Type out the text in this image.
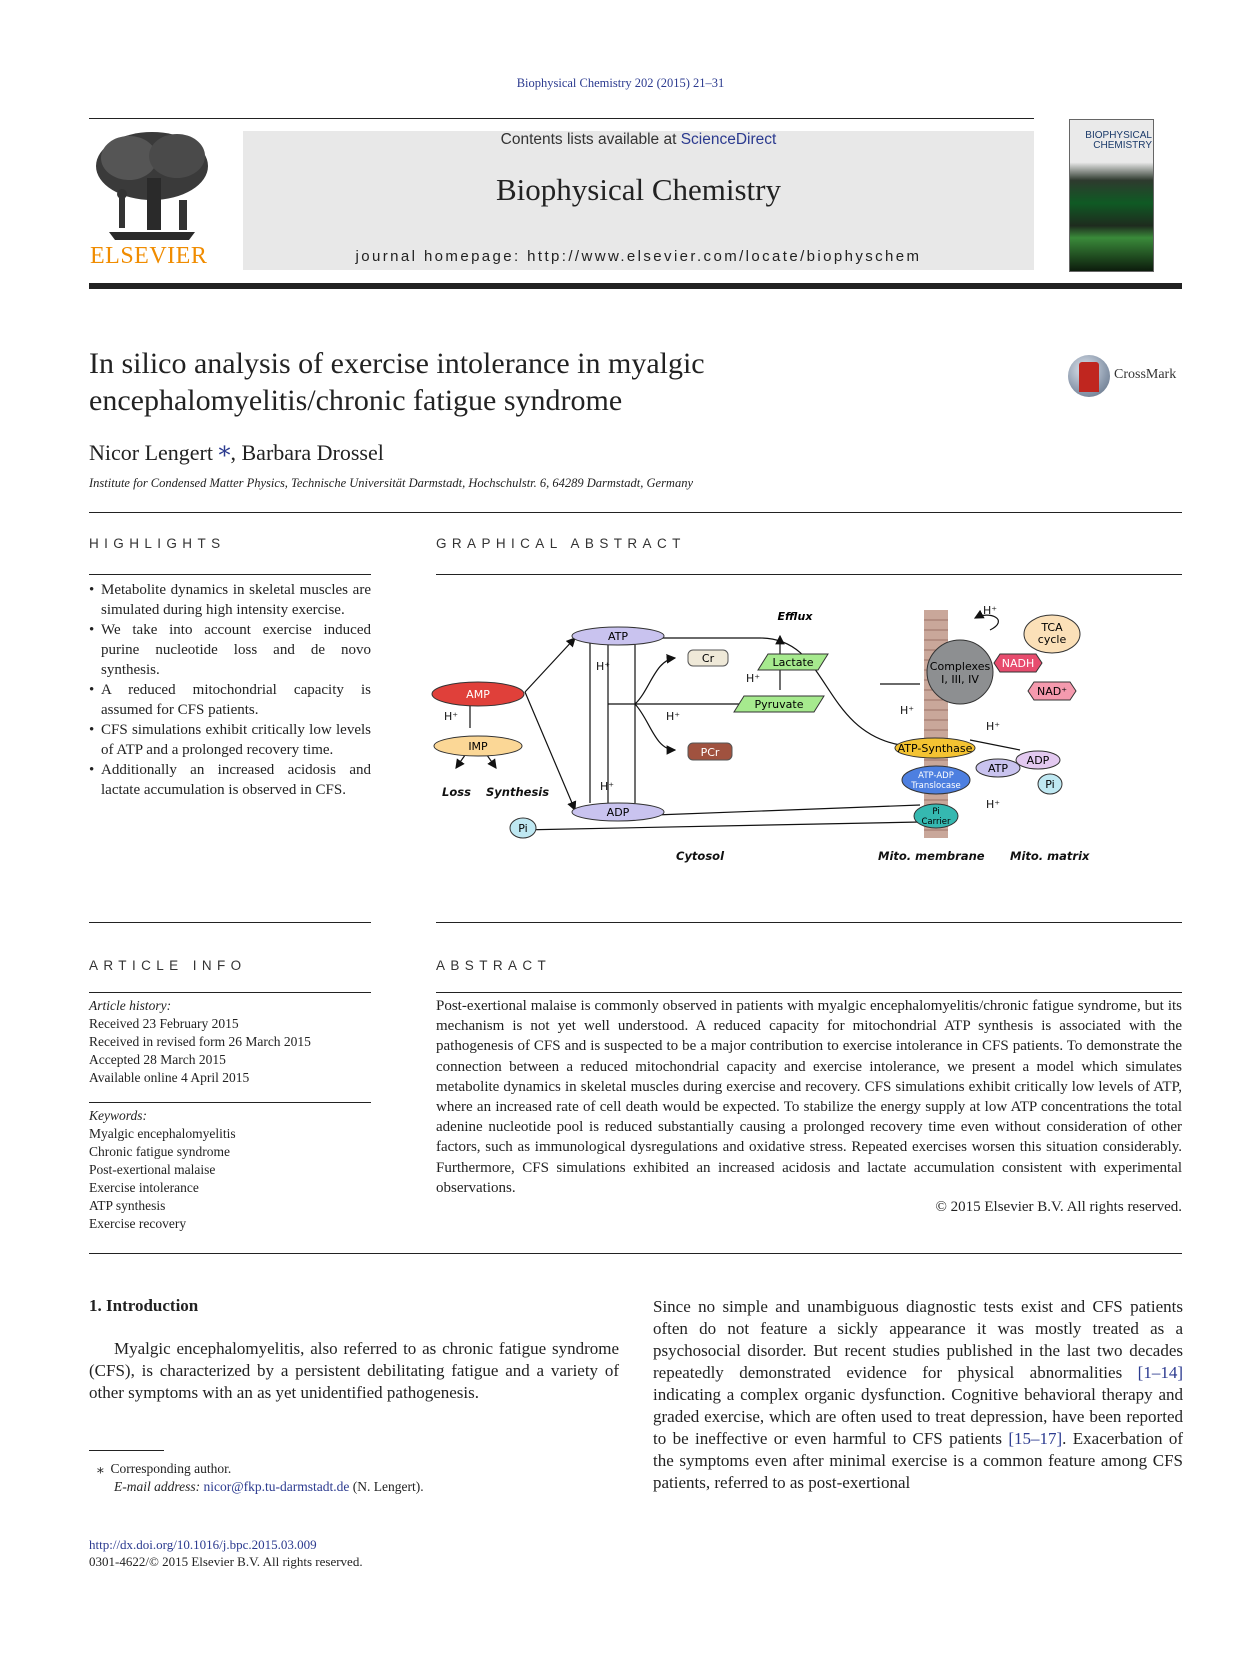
Biophysical Chemistry 202 (2015) 21–31
ELSEVIER
Contents lists available at ScienceDirect
Biophysical Chemistry
journal homepage: http://www.elsevier.com/locate/biophyschem
BIOPHYSICAL
CHEMISTRY
In silico analysis of exercise intolerance in myalgic
encephalomyelitis/chronic fatigue syndrome
CrossMark
Nicor Lengert ⁎, Barbara Drossel
Institute for Condensed Matter Physics, Technische Universität Darmstadt, Hochschulstr. 6, 64289 Darmstadt, Germany
HIGHLIGHTS
• Metabolite dynamics in skeletal muscles are simulated during high intensity exercise.
• We take into account exercise induced purine nucleotide loss and de novo synthesis.
• A reduced mitochondrial capacity is assumed for CFS patients.
• CFS simulations exhibit critically low levels of ATP and a prolonged recovery time.
• Additionally an increased acidosis and lactate accumulation is observed in CFS.
GRAPHICAL ABSTRACT
H⁺
H⁺
H⁺
H⁺
H⁺
H⁺
H⁺
H⁺
H⁺
ATP
ADP
AMP
IMP
Pi
Cr
PCr
Lactate
Pyruvate
Efflux
Complexes
I, III, IV
TCA
cycle
NADH
NAD⁺
ATP-Synthase
ATP
ADP
Pi
ATP-ADP
Translocase
Pi
Carrier
Loss Synthesis
Cytosol	Mito. membrane Mito. matrix
ARTICLE INFO
Article history:
Received 23 February 2015
Received in revised form 26 March 2015
Accepted 28 March 2015
Available online 4 April 2015
Keywords:
Myalgic encephalomyelitis
Chronic fatigue syndrome
Post-exertional malaise
Exercise intolerance
ATP synthesis
Exercise recovery
ABSTRACT
Post-exertional malaise is commonly observed in patients with myalgic encephalomyelitis/chronic fatigue syndrome, but its mechanism is not yet well understood. A reduced capacity for mitochondrial ATP synthesis is associated with the pathogenesis of CFS and is suspected to be a major contribution to exercise intolerance in CFS patients. To demonstrate the connection between a reduced mitochondrial capacity and exercise intolerance, we present a model which simulates metabolite dynamics in skeletal muscles during exercise and recovery. CFS simulations exhibit critically low levels of ATP, where an increased rate of cell death would be expected. To stabilize the energy supply at low ATP concentrations the total adenine nucleotide pool is reduced substantially causing a prolonged recovery time even without consideration of other factors, such as immunological dysregulations and oxidative stress. Repeated exercises worsen this situation considerably. Furthermore, CFS simulations exhibited an increased acidosis and lactate accumulation consistent with experimental observations.
© 2015 Elsevier B.V. All rights reserved.
1. Introduction
Myalgic encephalomyelitis, also referred to as chronic fatigue syndrome (CFS), is characterized by a persistent debilitating fatigue and a variety of other symptoms with an as yet unidentified pathogenesis.
Since no simple and unambiguous diagnostic tests exist and CFS patients often do not feature a sickly appearance it was mostly treated as a psychosocial disorder. But recent studies published in the last two decades repeatedly demonstrated evidence for physical abnormalities [1–14] indicating a complex organic dysfunction. Cognitive behavioral therapy and graded exercise, which are often used to treat depression, have been reported to be ineffective or even harmful to CFS patients [15–17]. Exacerbation of the symptoms even after minimal exercise is a common feature among CFS patients, referred to as post-exertional
⁎ Corresponding author.
E-mail address: nicor@fkp.tu-darmstadt.de (N. Lengert).
http://dx.doi.org/10.1016/j.bpc.2015.03.009
0301-4622/© 2015 Elsevier B.V. All rights reserved.
